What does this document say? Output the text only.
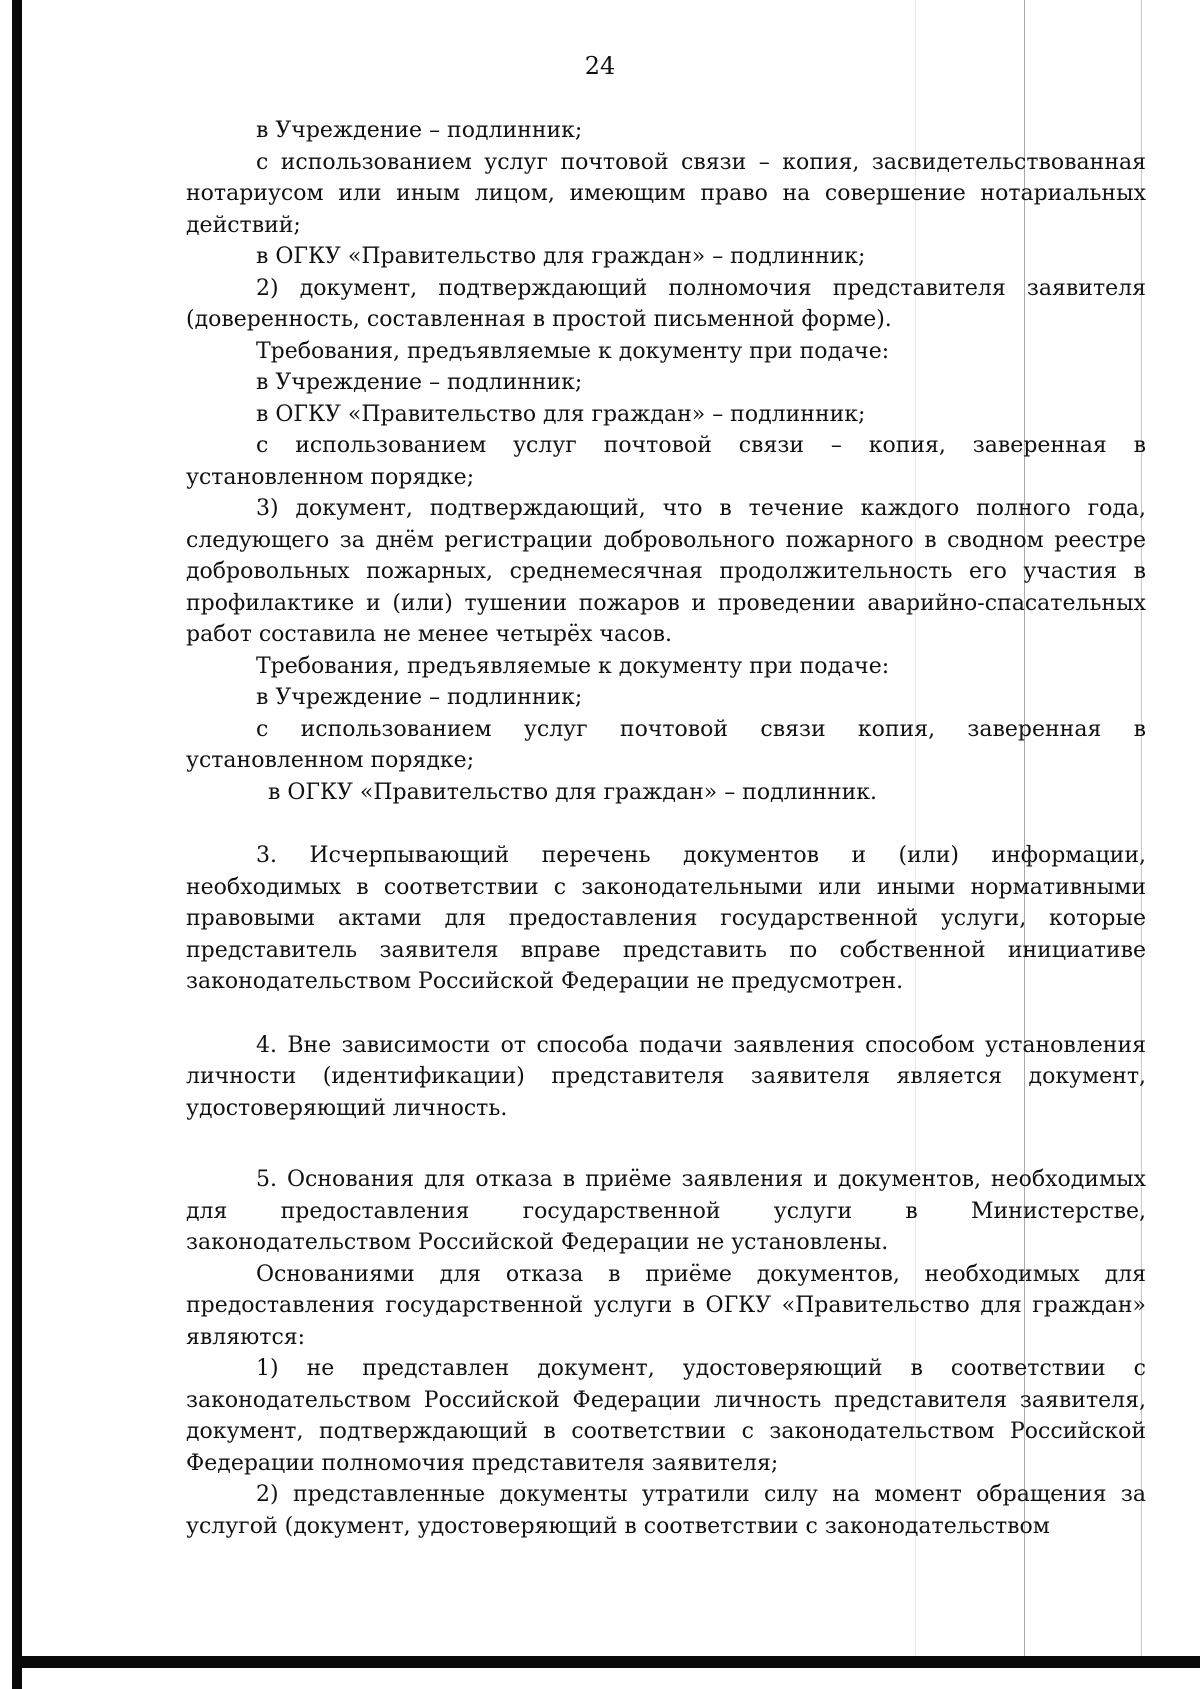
24

в Учреждение – подлинник;

с использованием услуг почтовой связи – копия, засвидетельствованная нотариусом или иным лицом, имеющим право на совершение нотариальных действий;

в ОГКУ «Правительство для граждан» – подлинник;

2) документ, подтверждающий полномочия представителя заявителя (доверенность, составленная в простой письменной форме).

Требования, предъявляемые к документу при подаче:

в Учреждение – подлинник;

в ОГКУ «Правительство для граждан» – подлинник;

с использованием услуг почтовой связи – копия, заверенная в установленном порядке;

3) документ, подтверждающий, что в течение каждого полного года, следующего за днём регистрации добровольного пожарного в сводном реестре добровольных пожарных, среднемесячная продолжительность его участия в профилактике и (или) тушении пожаров и проведении аварийно-спасательных работ составила не менее четырёх часов.

Требования, предъявляемые к документу при подаче:

в Учреждение – подлинник;

с использованием услуг почтовой связи копия, заверенная в установленном порядке;

в ОГКУ «Правительство для граждан» – подлинник.

3. Исчерпывающий перечень документов и (или) информации, необходимых в соответствии с законодательными или иными нормативными правовыми актами для предоставления государственной услуги, которые представитель заявителя вправе представить по собственной инициативе законодательством Российской Федерации не предусмотрен.

4. Вне зависимости от способа подачи заявления способом установления личности (идентификации) представителя заявителя является документ, удостоверяющий личность.

5. Основания для отказа в приёме заявления и документов, необходимых для предоставления государственной услуги в Министерстве, законодательством Российской Федерации не установлены.

Основаниями для отказа в приёме документов, необходимых для предоставления государственной услуги в ОГКУ «Правительство для граждан» являются:

1) не представлен документ, удостоверяющий в соответствии с законодательством Российской Федерации личность представителя заявителя, документ, подтверждающий в соответствии с законодательством Российской Федерации полномочия представителя заявителя;

2) представленные документы утратили силу на момент обращения за услугой (документ, удостоверяющий в соответствии с законодательством
